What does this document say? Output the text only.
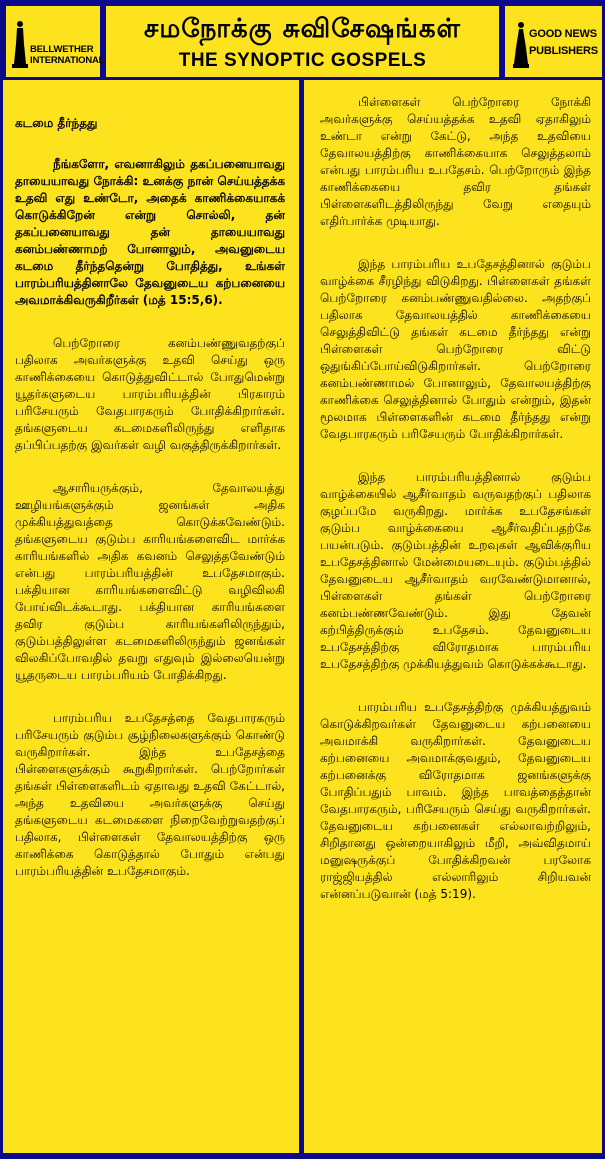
BELLWETHER INTERNATIONAL
சமநோக்கு சுவிசேஷங்கள்
THE SYNOPTIC GOSPELS
GOOD NEWS PUBLISHERS
கடமை தீர்ந்தது

நீங்களோ, எவனாகிலும் தகப்பனையாவது தாயையாவது நோக்கி: உனக்கு நான் செய்யத்தக்க உதவி எது உண்டோ, அதைக் காணிக்கையாகக் கொடுக்கிறேன் என்று சொல்லி, தன் தகப்பனையாவது தன் தாயையாவது கனம்பண்ணாமற் போனாலும், அவனுடைய கடமை தீர்ந்ததென்று போதித்து, உங்கள் பாரம்பரியத்தினாலே தேவனுடைய கற்பனையை அவமாக்கிவருகிறீர்கள் (மத் 15:5,6).

பெற்றோரை கனம்பண்ணுவதற்குப் பதிலாக அவர்களுக்கு உதவி செய்து ஒரு காணிக்கையை கொடுத்துவிட்டால் போதுமென்று யூதர்களுடைய பாரம்பரியத்தின் பிரகாரம் பரிசேயரும் வேதபாரகரும் போதிக்கிறார்கள். தங்களுடைய கடமைகளிலிருந்து எளிதாக தப்பிப்பதற்கு இவர்கள் வழி வகுத்திருக்கிறார்கள்.

ஆசாரியருக்கும், தேவாலயத்து ஊழியங்களுக்கும் ஜனங்கள் அதிக முக்கியத்துவத்தை கொடுக்கவேண்டும். தங்களுடைய குடும்ப காரியங்களைவிட மார்க்க காரியங்களில் அதிக கவனம் செலுத்தவேண்டும் என்பது பாரம்பரியத்தின் உபதேசமாகும். பக்தியான காரியங்களைவிட்டு வழிவிலகி போய்விடக்கூடாது. பக்தியான காரியங்களை தவிர குடும்ப காரியங்களிலிருந்தும், குடும்பத்திலுள்ள கடமைகளிலிருந்தும் ஜனங்கள் விலகிப்போவதில் தவறு எதுவும் இல்லையென்று யூதருடைய பாரம்பரியம் போதிக்கிறது.

பாரம்பரிய உபதேசத்தை வேதபாரகரும் பரிசேயரும் குடும்ப சூழ்நிலைகளுக்கும் கொண்டு வருகிறார்கள். இந்த உபதேசத்தை பிள்ளைகளுக்கும் கூறுகிறார்கள். பெற்றோர்கள் தங்கள் பிள்ளைகளிடம் ஏதாவது உதவி கேட்டால், அந்த உதவியை அவர்களுக்கு செய்து தங்களுடைய கடமைகளை நிறைவேற்றுவதற்குப் பதிலாக, பிள்ளைகள் தேவாலயத்திற்கு ஒரு காணிக்கை கொடுத்தால் போதும் என்பது பாரம்பரியத்தின் உபதேசமாகும்.

பிள்ளைகள் பெற்றோரை நோக்கி அவர்களுக்கு செய்யத்தக்க உதவி ஏதாகிலும் உண்டா என்று கேட்டு, அந்த உதவியை தேவாலயத்திற்கு காணிக்கையாக செலுத்தலாம் என்பது பாரம்பரிய உபதேசம். பெற்றோரும் இந்த காணிக்கையை தவிர தங்கள் பிள்ளைகளிடத்திலிருந்து வேறு எதையும் எதிர்பார்க்க முடியாது.

இந்த பாரம்பரிய உபதேசத்தினால் குடும்ப வாழ்க்கை சீரழிந்து விடுகிறது. பிள்ளைகள் தங்கள் பெற்றோரை கனம்பண்ணுவதில்லை. அதற்குப் பதிலாக தேவாலயத்தில் காணிக்கையை செலுத்திவிட்டு தங்கள் கடமை தீர்ந்தது என்று பிள்ளைகள் பெற்றோரை விட்டு ஒதுங்கிப்போய்விடுகிறார்கள். பெற்றோரை கனம்பண்ணாமல் போனாலும், தேவாலயத்திற்கு காணிக்கை செலுத்தினால் போதும் என்றும், இதன் மூலமாக பிள்ளைகளின் கடமை தீர்ந்தது என்று வேதபாரகரும் பரிசேயரும் போதிக்கிறார்கள்.

இந்த பாரம்பரியத்தினால் குடும்ப வாழ்க்கையில் ஆசீர்வாதம் வருவதற்குப் பதிலாக குழப்பமே வருகிறது. மார்க்க உபதேசங்கள் குடும்ப வாழ்க்கையை ஆசீர்வதிப்பதற்கே பயன்படும். குடும்பத்தின் உறவுகள் ஆவிக்குரிய உபதேசத்தினால் மேன்மையடையும். குடும்பத்தில் தேவனுடைய ஆசீர்வாதம் வரவேண்டுமானால், பிள்ளைகள் தங்கள் பெற்றோரை கனம்பண்ணவேண்டும். இது தேவன் கற்பித்திருக்கும் உபதேசம். தேவனுடைய உபதேசத்திற்கு விரோதமாக பாரம்பரிய உபதேசத்திற்கு முக்கியத்துவம் கொடுக்கக்கூடாது.

பாரம்பரிய உபதேசத்திற்கு முக்கியத்துவம் கொடுக்கிறவர்கள் தேவனுடைய கற்பனையை அவமாக்கி வருகிறார்கள். தேவனுடைய கற்பனையை அவமாக்குவதும், தேவனுடைய கற்பனைக்கு விரோதமாக ஜனங்களுக்கு போதிப்பதும் பாவம். இந்த பாவத்தைத்தான் வேதபாரகரும், பரிசேயரும் செய்து வருகிறார்கள். தேவனுடைய கற்பனைகள் எல்லாவற்றிலும், சிறிதானது ஒன்றையாகிலும் மீறி, அவ்விதமாய் மனுஷருக்குப் போதிக்கிறவன் பரலோக ராஜ்ஜியத்தில் எல்லாரிலும் சிறியவன் என்னப்படுவான் (மத் 5:19).
